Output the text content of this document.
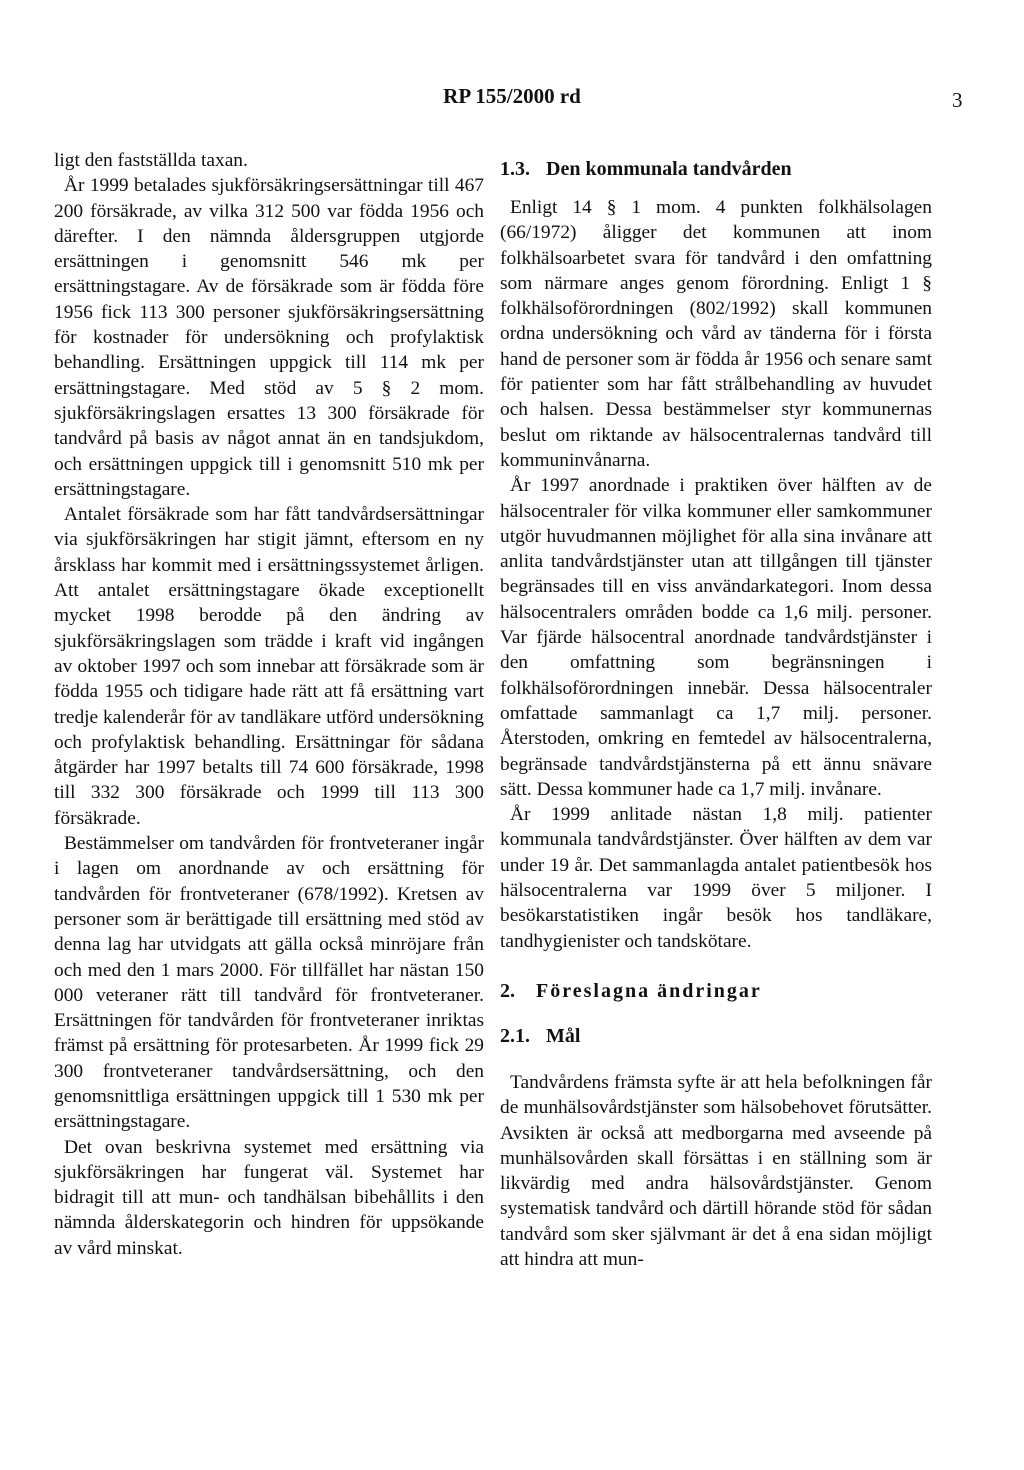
RP 155/2000 rd	3

ligt den fastställda taxan.

År 1999 betalades sjukförsäkringsersättningar till 467 200 försäkrade, av vilka 312 500 var födda 1956 och därefter. I den nämnda åldersgruppen utgjorde ersättningen i genomsnitt 546 mk per ersättningstagare. Av de försäkrade som är födda före 1956 fick 113 300 personer sjukförsäkringsersättning för kostnader för undersökning och profylaktisk behandling. Ersättningen uppgick till 114 mk per ersättningstagare. Med stöd av 5 § 2 mom. sjukförsäkringslagen ersattes 13 300 försäkrade för tandvård på basis av något annat än en tandsjukdom, och ersättningen uppgick till i genomsnitt 510 mk per ersättningstagare.

Antalet försäkrade som har fått tandvårdsersättningar via sjukförsäkringen har stigit jämnt, eftersom en ny årsklass har kommit med i ersättningssystemet årligen. Att antalet ersättningstagare ökade exceptionellt mycket 1998 berodde på den ändring av sjukförsäkringslagen som trädde i kraft vid ingången av oktober 1997 och som innebar att försäkrade som är födda 1955 och tidigare hade rätt att få ersättning vart tredje kalenderår för av tandläkare utförd undersökning och profylaktisk behandling. Ersättningar för sådana åtgärder har 1997 betalts till 74 600 försäkrade, 1998 till 332 300 försäkrade och 1999 till 113 300 försäkrade.

Bestämmelser om tandvården för frontveteraner ingår i lagen om anordnande av och ersättning för tandvården för frontveteraner (678/1992). Kretsen av personer som är berättigade till ersättning med stöd av denna lag har utvidgats att gälla också minröjare från och med den 1 mars 2000. För tillfället har nästan 150 000 veteraner rätt till tandvård för frontveteraner. Ersättningen för tandvården för frontveteraner inriktas främst på ersättning för protesarbeten. År 1999 fick 29 300 frontveteraner tandvårdsersättning, och den genomsnittliga ersättningen uppgick till 1 530 mk per ersättningstagare.

Det ovan beskrivna systemet med ersättning via sjukförsäkringen har fungerat väl. Systemet har bidragit till att mun- och tandhälsan bibehållits i den nämnda ålderskategorin och hindren för uppsökande av vård minskat.

1.3. Den kommunala tandvården

Enligt 14 § 1 mom. 4 punkten folkhälsolagen (66/1972) åligger det kommunen att inom folkhälsoarbetet svara för tandvård i den omfattning som närmare anges genom förordning. Enligt 1 § folkhälsoförordningen (802/1992) skall kommunen ordna undersökning och vård av tänderna för i första hand de personer som är födda år 1956 och senare samt för patienter som har fått strålbehandling av huvudet och halsen. Dessa bestämmelser styr kommunernas beslut om riktande av hälsocentralernas tandvård till kommuninvånarna.

År 1997 anordnade i praktiken över hälften av de hälsocentraler för vilka kommuner eller samkommuner utgör huvudmannen möjlighet för alla sina invånare att anlita tandvårdstjänster utan att tillgången till tjänster begränsades till en viss användarkategori. Inom dessa hälsocentralers områden bodde ca 1,6 milj. personer. Var fjärde hälsocentral anordnade tandvårdstjänster i den omfattning som begränsningen i folkhälsoförordningen innebär. Dessa hälsocentraler omfattade sammanlagt ca 1,7 milj. personer. Återstoden, omkring en femtedel av hälsocentralerna, begränsade tandvårdstjänsterna på ett ännu snävare sätt. Dessa kommuner hade ca 1,7 milj. invånare.

År 1999 anlitade nästan 1,8 milj. patienter kommunala tandvårdstjänster. Över hälften av dem var under 19 år. Det sammanlagda antalet patientbesök hos hälsocentralerna var 1999 över 5 miljoner. I besökarstatistiken ingår besök hos tandläkare, tandhygienister och tandskötare.

2.	Föreslagna ändringar
2.1. Mål

Tandvårdens främsta syfte är att hela befolkningen får de munhälsovårdstjänster som hälsobehovet förutsätter. Avsikten är också att medborgarna med avseende på munhälsovården skall försättas i en ställning som är likvärdig med andra hälsovårdstjänster. Genom systematisk tandvård och därtill hörande stöd för sådan tandvård som sker självmant är det å ena sidan möjligt att hindra att mun-
